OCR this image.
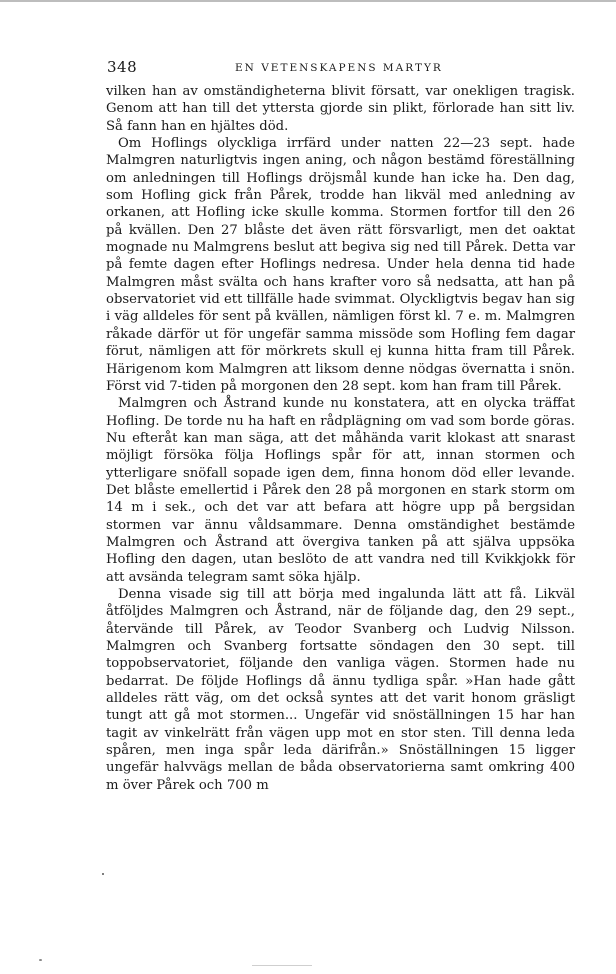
348	EN VETENSKAPENS MARTYR

vilken han av omständigheterna blivit försatt, var onekligen tragisk. Genom att han till det yttersta gjorde sin plikt, förlorade han sitt liv. Så fann han en hjältes död.

Om Hoflings olyckliga irrfärd under natten 22—23 sept. hade Malmgren naturligtvis ingen aning, och någon bestämd föreställning om anledningen till Hoflings dröjsmål kunde han icke ha. Den dag, som Hofling gick från Pårek, trodde han likväl med anledning av orkanen, att Hofling icke skulle komma. Stormen fortfor till den 26 på kvällen. Den 27 blåste det även rätt försvarligt, men det oaktat mognade nu Malmgrens beslut att begiva sig ned till Pårek. Detta var på femte dagen efter Hoflings nedresa. Under hela denna tid hade Malmgren måst svälta och hans krafter voro så nedsatta, att han på observatoriet vid ett tillfälle hade svimmat. Olyckligtvis begav han sig i väg alldeles för sent på kvällen, nämligen först kl. 7 e. m. Malmgren råkade därför ut för ungefär samma missöde som Hofling fem dagar förut, nämligen att för mörkrets skull ej kunna hitta fram till Pårek. Härigenom kom Malmgren att liksom denne nödgas övernatta i snön. Först vid 7-tiden på morgonen den 28 sept. kom han fram till Pårek.

Malmgren och Åstrand kunde nu konstatera, att en olycka träffat Hofling. De torde nu ha haft en rådplägning om vad som borde göras. Nu efteråt kan man säga, att det måhända varit klokast att snarast möjligt försöka följa Hoflings spår för att, innan stormen och ytterligare snöfall sopade igen dem, finna honom död eller levande. Det blåste emellertid i Pårek den 28 på morgonen en stark storm om 14 m i sek., och det var att befara att högre upp på bergsidan stormen var ännu våldsammare. Denna omständighet bestämde Malmgren och Åstrand att övergiva tanken på att själva uppsöka Hofling den dagen, utan beslöto de att vandra ned till Kvikkjokk för att avsända telegram samt söka hjälp.

Denna visade sig till att börja med ingalunda lätt att få. Likväl åtföljdes Malmgren och Åstrand, när de följande dag, den 29 sept., återvände till Pårek, av Teodor Svanberg och Ludvig Nilsson. Malmgren och Svanberg fortsatte söndagen den 30 sept. till toppobservatoriet, följande den vanliga vägen. Stormen hade nu bedarrat. De följde Hoflings då ännu tydliga spår. »Han hade gått alldeles rätt väg, om det också syntes att det varit honom gräsligt tungt att gå mot stormen... Ungefär vid snöställningen 15 har han tagit av vinkelrätt från vägen upp mot en stor sten. Till denna leda spåren, men inga spår leda därifrån.» Snöställningen 15 ligger ungefär halvvägs mellan de båda observatorierna samt omkring 400 m över Pårek och 700 m
